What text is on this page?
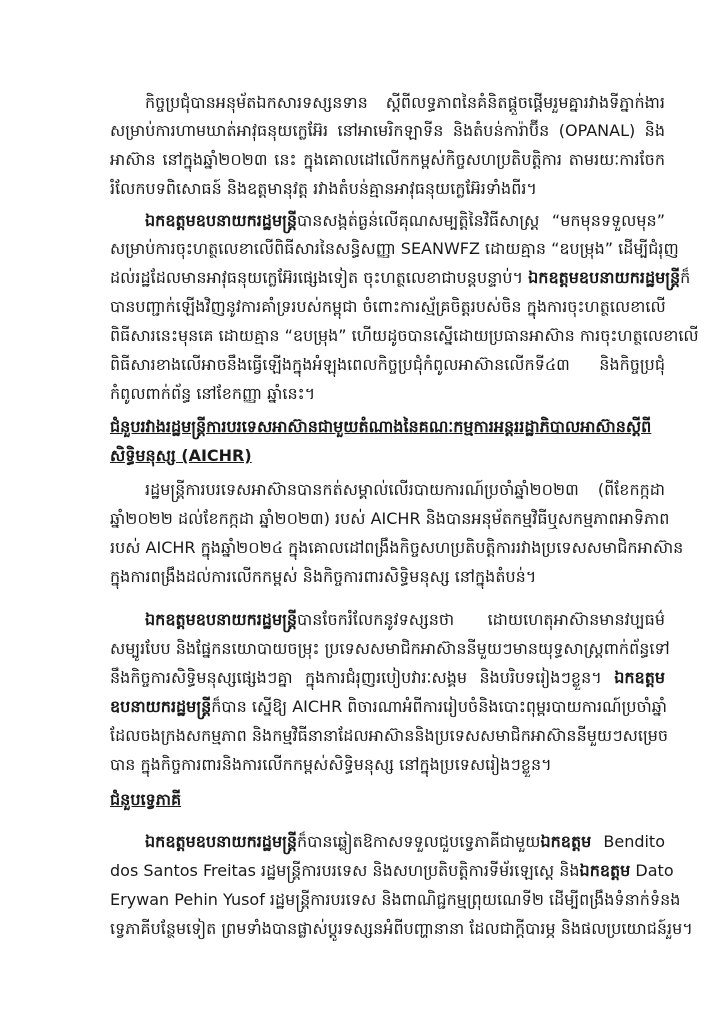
កិច្ចប្រជុំបានអនុម័តឯកសារទស្សនទាន ស្តីពីលទ្ធភាពនៃគំនិតផ្តួចផ្តើមរួមគ្នារវាងទីភ្នាក់ងារ
សម្រាប់ការហាមឃាត់អាវុធនុយក្លេអ៊ែរ នៅអាមេរិកឡាទីន និងតំបន់ការ៉ាប៊ីន (OPANAL) និង
អាស៊ាន នៅក្នុងឆ្នាំ២០២៣ នេះ ក្នុងគោលដៅលើកកម្ពស់កិច្ចសហប្រតិបត្តិការ តាមរយៈការចែក
រំលែកបទពិសោធន៍ និងឧត្តមានុវត្ត រវាងតំបន់គ្មានអាវុធនុយក្លេអ៊ែរទាំងពីរ។
ឯកឧត្តមឧបនាយករដ្ឋមន្ត្រីបានសង្កត់ធ្ងន់លើគុណសម្បត្តិនៃវិធីសាស្ត្រ “មកមុនទទួលមុន”
សម្រាប់ការចុះហត្ថលេខាលើពិធីសារនៃសន្ធិសញ្ញា SEANWFZ ដោយគ្មាន “ឧបម្រុង” ដើម្បីជំរុញ
ដល់រដ្ឋដែលមានអាវុធនុយក្លេអ៊ែរផ្សេងទៀត ចុះហត្ថលេខាជាបន្តបន្ទាប់។ ឯកឧត្តមឧបនាយករដ្ឋមន្ត្រីក៏
បានបញ្ជាក់ឡើងវិញនូវការគាំទ្ររបស់កម្ពុជា ចំពោះការស្ម័គ្រចិត្តរបស់ចិន ក្នុងការចុះហត្ថលេខាលើ
ពិធីសារនេះមុនគេ ដោយគ្មាន “ឧបម្រុង” ហើយដូចបានស្នើដោយប្រធានអាស៊ាន ការចុះហត្ថលេខាលើ
ពិធីសារខាងលើអាចនឹងធ្វើឡើងក្នុងអំឡុងពេលកិច្ចប្រជុំកំពូលអាស៊ានលើកទី៤៣ និងកិច្ចប្រជុំ
កំពូលពាក់ព័ន្ធ នៅខែកញ្ញា ឆ្នាំនេះ។
ជំនួបរវាងរដ្ឋមន្ត្រីការបរទេសអាស៊ានជាមួយតំណាងនៃគណៈកម្មការអន្តររដ្ឋាភិបាលអាស៊ានស្តីពី
សិទ្ធិមនុស្ស (AICHR)
រដ្ឋមន្ត្រីការបរទេសអាស៊ានបានកត់សម្គាល់លើរបាយការណ៍ប្រចាំឆ្នាំ២០២៣ (ពីខែកក្កដា
ឆ្នាំ២០២២ ដល់ខែកក្កដា ឆ្នាំ២០២៣) របស់ AICHR និងបានអនុម័តកម្មវិធីឬសកម្មភាពអាទិភាព
របស់ AICHR ក្នុងឆ្នាំ២០២៤ ក្នុងគោលដៅពង្រឹងកិច្ចសហប្រតិបត្តិការរវាងប្រទេសសមាជិកអាស៊ាន
ក្នុងការពង្រឹងដល់ការលើកកម្ពស់ និងកិច្ចការពារសិទ្ធិមនុស្ស នៅក្នុងតំបន់។
ឯកឧត្តមឧបនាយករដ្ឋមន្ត្រីបានចែករំលែកនូវទស្សនថា ដោយហេតុអាស៊ានមានវប្បធម៌
សម្បូរបែប និងផ្នែកនយោបាយចម្រុះ ប្រទេសសមាជិកអាស៊ាននីមួយៗមានយុទ្ធសាស្ត្រពាក់ព័ន្ធទៅ
នឹងកិច្ចការសិទ្ធិមនុស្សផ្សេងៗគ្នា ក្នុងការជំរុញរបៀបវារៈសង្គម និងបរិបទរៀងៗខ្លួន។ ឯកឧត្តម
ឧបនាយករដ្ឋមន្ត្រីក៏បាន ស្នើឱ្យ AICHR ពិចារណាអំពីការរៀបចំនិងបោះពុម្ពរបាយការណ៍ប្រចាំឆ្នាំ
ដែលចងក្រងសកម្មភាព និងកម្មវិធីនានាដែលអាស៊ាននិងប្រទេសសមាជិកអាស៊ាននីមួយៗសម្រេច
បាន ក្នុងកិច្ចការពារនិងការលើកកម្ពស់សិទ្ធិមនុស្ស នៅក្នុងប្រទេសរៀងៗខ្លួន។
ជំនួបទ្វេភាគី
ឯកឧត្តមឧបនាយករដ្ឋមន្ត្រីក៏បានឆ្លៀតឱកាសទទួលជួបទ្វេភាគីជាមួយឯកឧត្តម Bendito
dos Santos Freitas រដ្ឋមន្ត្រីការបរទេស និងសហប្រតិបត្តិការទីម័រឡេស្តេ និងឯកឧត្តម Dato
Erywan Pehin Yusof រដ្ឋមន្ត្រីការបរទេស និងពាណិជ្ជកម្មព្រុយណេទី២ ដើម្បីពង្រឹងទំនាក់ទំនង
ទ្វេភាគីបន្ថែមទៀត ព្រមទាំងបានផ្លាស់ប្តូរទស្សនអំពីបញ្ហានានា ដែលជាក្តីបារម្ភ និងផលប្រយោជន៍រួម។
